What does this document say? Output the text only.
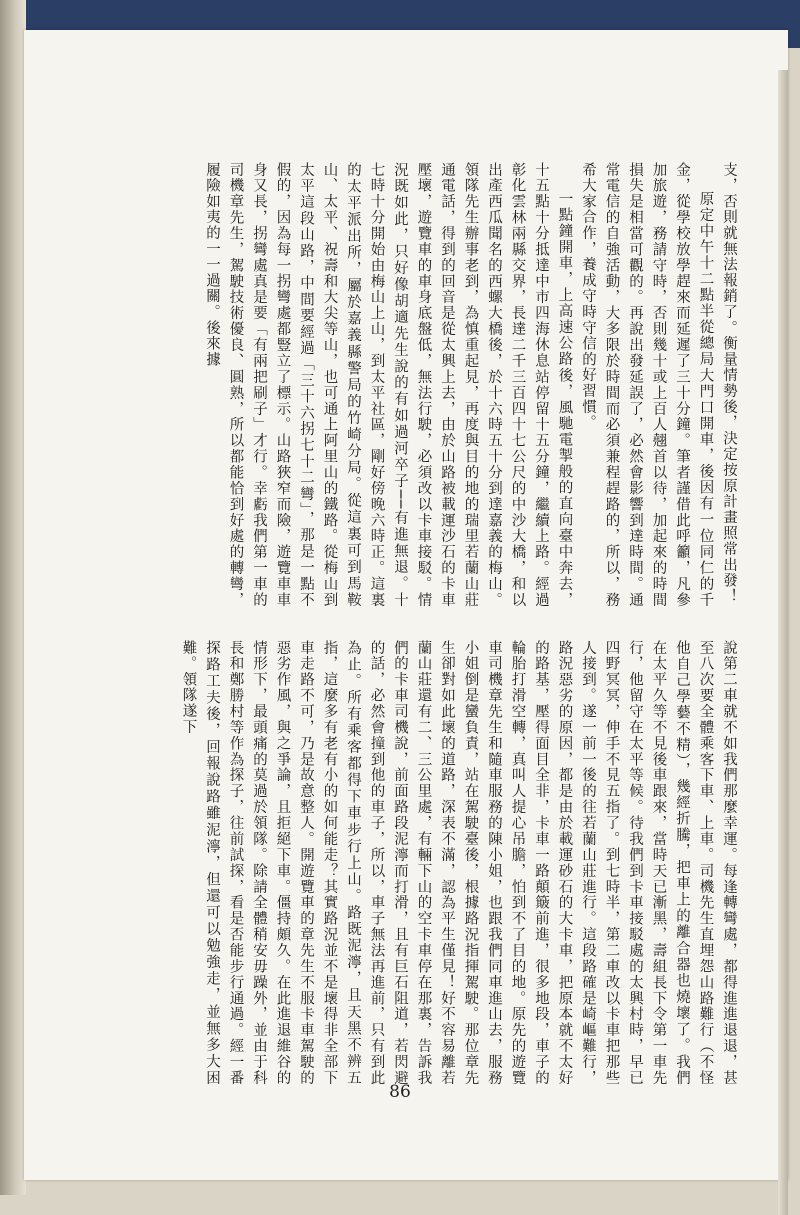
支，否則就無法報銷了。衡量情勢後，決定按原計畫照常出發！

原定中午十二點半從總局大門口開車，後因有一位同仁的千金，從學校放學趕來而延遲了三十分鐘。筆者謹借此呼籲，凡參加旅遊，務請守時，否則幾十或上百人翹首以待，加起來的時間損失是相當可觀的。再說出發延誤了，必然會影響到達時間。通常電信的自強活動，大多限於時間而必須兼程趕路的，所以，務希大家合作，養成守時守信的好習慣。

一點鐘開車，上高速公路後，風馳電掣般的直向臺中奔去，十五點十分抵達中市四海休息站停留十五分鐘，繼續上路。經過彰化雲林兩縣交界，長達二千三百四十七公尺的中沙大橋，和以出產西瓜聞名的西螺大橋後，於十六時五十分到達嘉義的梅山。領隊先生辦事老到，為慎重起見，再度與目的地的瑞里若蘭山莊通電話，得到的回音是從太興上去，由於山路被載運沙石的卡車壓壞，遊覽車的車身底盤低，無法行駛，必須改以卡車接駁。情況既如此，只好像胡適先生說的有如過河卒子──有進無退。十七時十分開始由梅山上山，到太平社區，剛好傍晚六時正。這裏的太平派出所，屬於嘉義縣警局的竹崎分局。從這裏可到馬鞍山、太平、祝壽和大尖等山，也可通上阿里山的鐵路。從梅山到太平這段山路，中間要經過「三十六拐七十二彎」，那是一點不假的，因為每一拐彎處都豎立了標示。山路狹窄而險，遊覽車車身又長，拐彎處真是要「有兩把刷子」才行。幸虧我們第一車的司機章先生，駕駛技術優良、圓熟，所以都能恰到好處的轉彎，履險如夷的一一過關。後來據

說第二車就不如我們那麼幸運。每逢轉彎處，都得進進退退，甚至八次要全體乘客下車、上車。司機先生直埋怨山路難行（不怪他自己學藝不精），幾經折騰，把車上的離合器也燒壞了。我們在太平久等不見後車跟來，當時天已漸黑，壽組長下令第一車先行，他留守在太平等候。待我們到卡車接駁處的太興村時，早已四野冥冥，伸手不見五指了。到七時半，第二車改以卡車把那些人接到。遂一前一後的往若蘭山莊進行。這段路確是崎嶇難行，路況惡劣的原因，都是由於載運砂石的大卡車，把原本就不太好的路基，壓得面目全非，卡車一路顛簸前進，很多地段，車子的輪胎打滑空轉，真叫人提心吊膽，怕到不了目的地。原先的遊覽車司機章先生和隨車服務的陳小姐，也跟我們同車進山去，服務小姐倒是蠻負責，站在駕駛臺後，根據路況指揮駕駛。那位章先生卻對如此壞的道路，深表不滿，認為平生僅見！好不容易離若蘭山莊還有二、三公里處，有輛下山的空卡車停在那裏，告訴我們的卡車司機說，前面路段泥濘而打滑，且有巨石阻道，若閃避的話，必然會撞到他的車子，所以，車子無法再進前，只有到此為止。所有乘客都得下車步行上山。路既泥濘，且天黑不辨五指，這麼多有老有小的如何能走？其實路況並不是壞得非全部下車走路不可，乃是故意整人。開遊覽車的章先生不服卡車駕駛的惡劣作風，與之爭論，且拒絕下車。僵持頗久。在此進退維谷的情形下，最頭痛的莫過於領隊。除請全體稍安毋躁外，並由于科長和鄭勝村等作為探子，往前試探，看是否能步行通過。經一番探路工夫後，回報說路雖泥濘，但還可以勉強走，並無多大困難。領隊遂下

86
